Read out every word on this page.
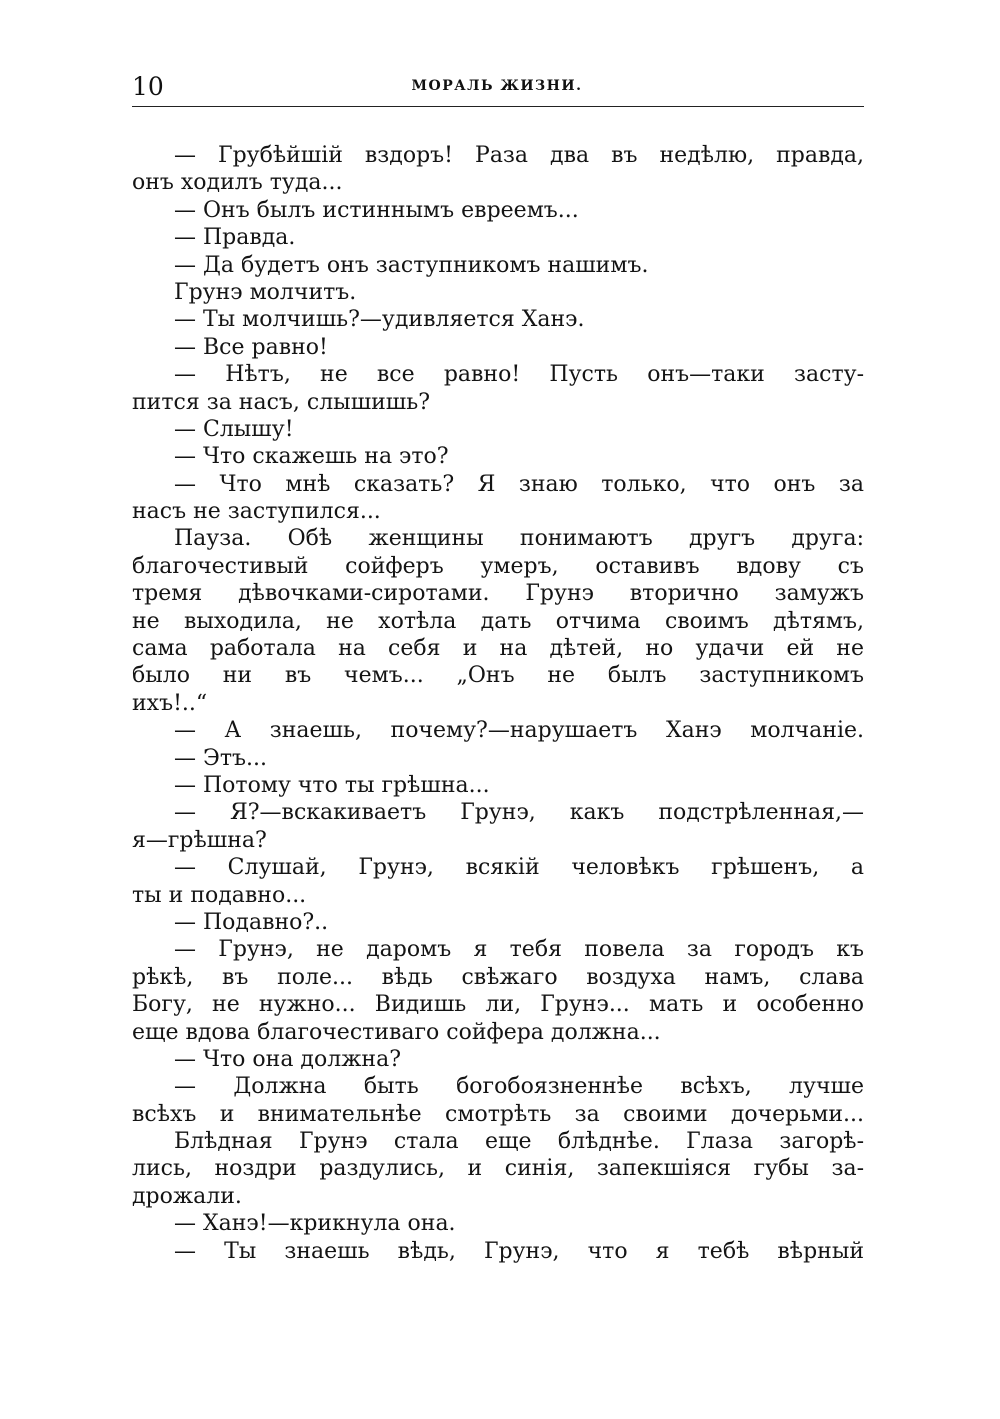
10	МОРАЛЬ ЖИЗНИ.
— Грубѣйшій вздоръ! Раза два въ недѣлю, правда,
онъ ходилъ туда...
— Онъ былъ истиннымъ евреемъ...
— Правда.
— Да будетъ онъ заступникомъ нашимъ.
Грунэ молчитъ.
— Ты молчишь?—удивляется Ханэ.
— Все равно!
— Нѣтъ, не все равно! Пусть онъ—таки засту-
пится за насъ, слышишь?
— Слышу!
— Что скажешь на это?
— Что мнѣ сказать? Я знаю только, что онъ за
насъ не заступился...
Пауза. Обѣ женщины понимаютъ другъ друга:
благочестивый сойферъ умеръ, оставивъ вдову съ
тремя дѣвочками-сиротами. Грунэ вторично замужъ
не выходила, не хотѣла дать отчима своимъ дѣтямъ,
сама работала на себя и на дѣтей, но удачи ей не
было ни въ чемъ... „Онъ не былъ заступникомъ
ихъ!..“
— А знаешь, почему?—нарушаетъ Ханэ молчаніе.
— Этъ...
— Потому что ты грѣшна...
— Я?—вскакиваетъ Грунэ, какъ подстрѣленная,—
я—грѣшна?
— Слушай, Грунэ, всякій человѣкъ грѣшенъ, а
ты и подавно...
— Подавно?..
— Грунэ, не даромъ я тебя повела за городъ къ
рѣкѣ, въ поле... вѣдь свѣжаго воздуха намъ, слава
Богу, не нужно... Видишь ли, Грунэ... мать и особенно
еще вдова благочестиваго сойфера должна...
— Что она должна?
— Должна быть богобоязненнѣе всѣхъ, лучше
всѣхъ и внимательнѣе смотрѣть за своими дочерьми...
Блѣдная Грунэ стала еще блѣднѣе. Глаза загорѣ-
лись, ноздри раздулись, и синія, запекшіяся губы за-
дрожали.
— Ханэ!—крикнула она.
— Ты знаешь вѣдь, Грунэ, что я тебѣ вѣрный
